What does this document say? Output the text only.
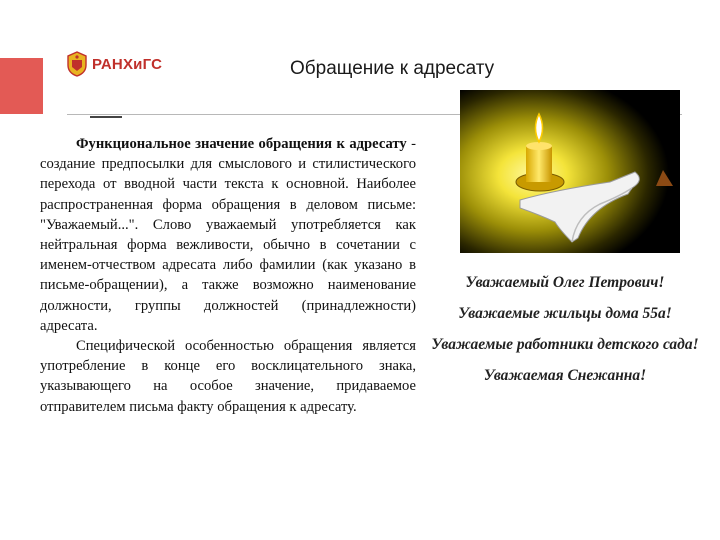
РАНХиГС	Обращение к адресату

Функциональное значение обращения к адресату - создание предпосылки для смыслового и стилистического перехода от вводной части текста к основной. Наиболее распространенная форма обращения в деловом письме: "Уважаемый...". Слово уважаемый употребляется как нейтральная форма вежливости, обычно в сочетании с именем-отчеством адресата либо фамилии (как указано в письме-обращении), а также возможно наименование должности, группы должностей (принадлежности) адресата.

Специфической особенностью обращения является употребление в конце его восклицательного знака, указывающего на особое значение, придаваемое отправителем письма факту обращения к адресату.

Уважаемый Олег Петрович!
Уважаемые жильцы дома 55а!
Уважаемые работники детского сада!
Уважаемая Снежанна!
